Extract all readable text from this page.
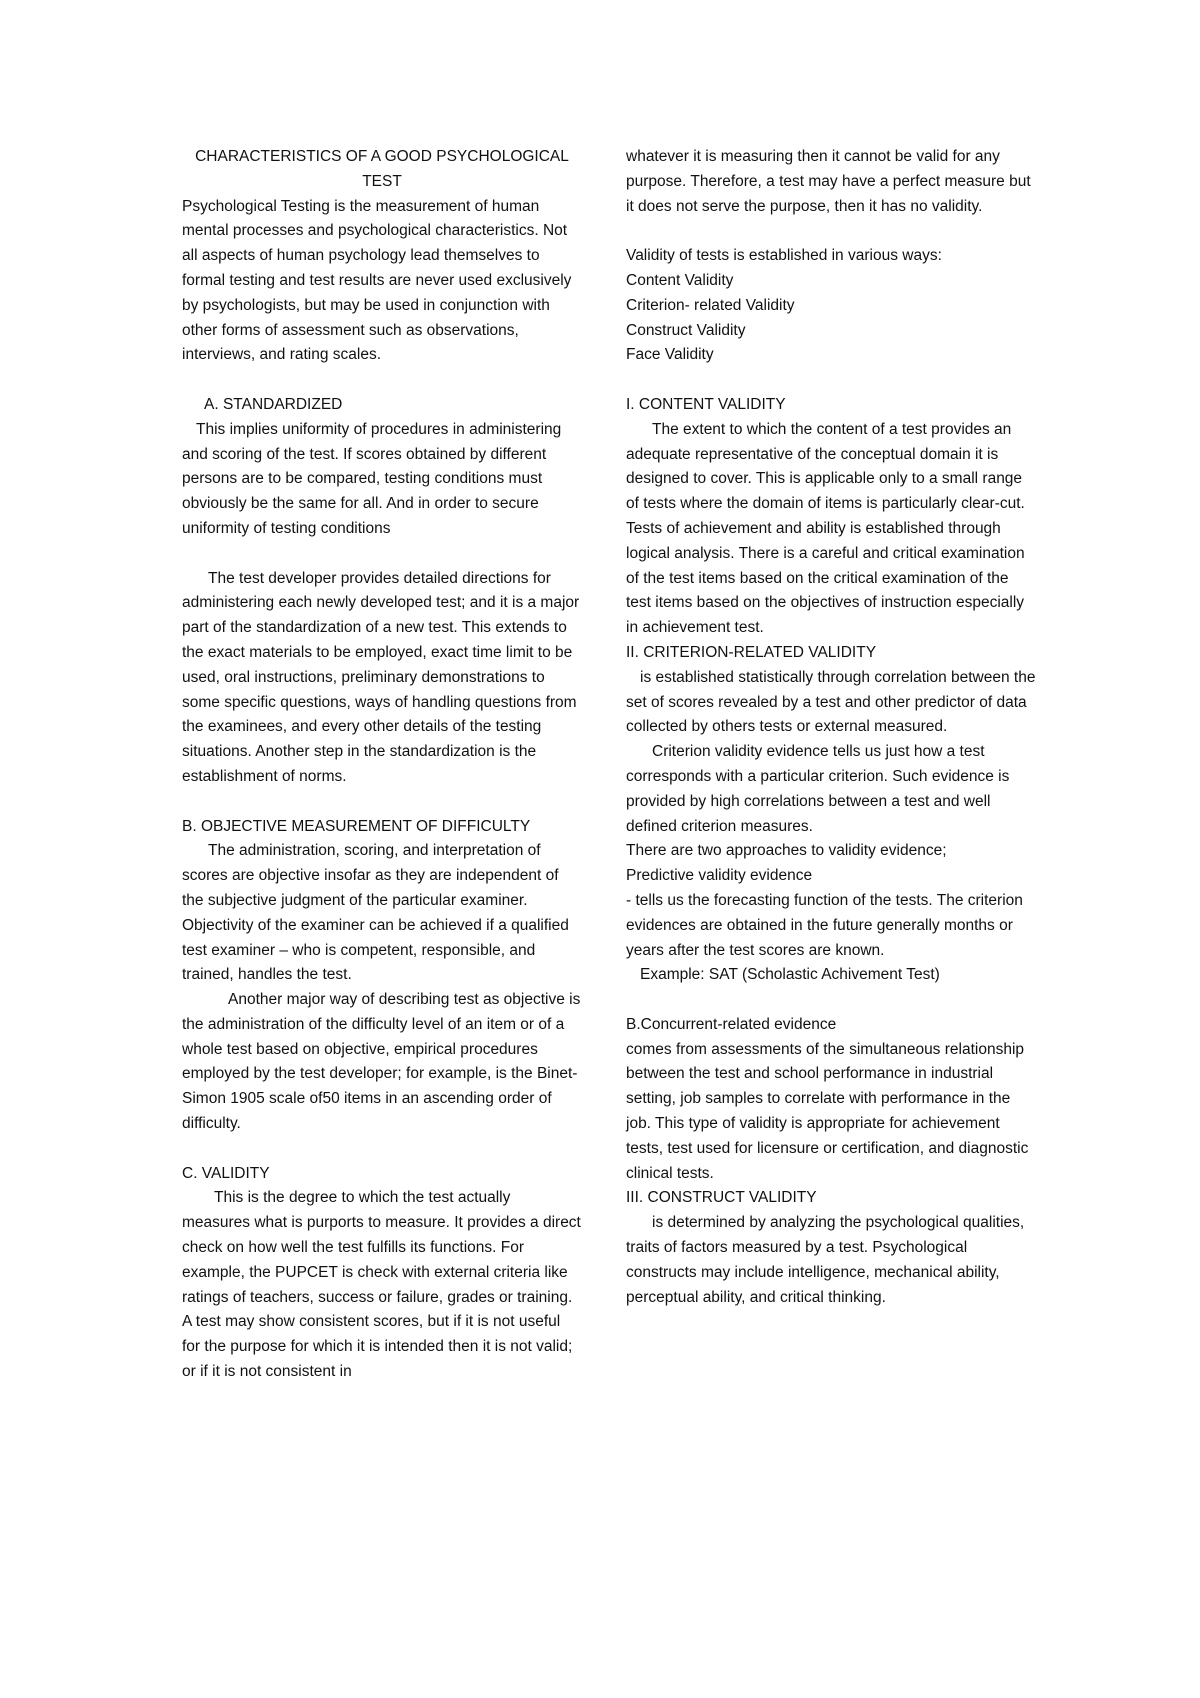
CHARACTERISTICS OF A GOOD PSYCHOLOGICAL TEST

Psychological Testing is the measurement of human mental processes and psychological characteristics. Not all aspects of human psychology lead themselves to formal testing and test results are never used exclusively by psychologists, but may be used in conjunction with other forms of assessment such as observations, interviews, and rating scales.

A. STANDARDIZED

This implies uniformity of procedures in administering and scoring of the test. If scores obtained by different persons are to be compared, testing conditions must obviously be the same for all. And in order to secure uniformity of testing conditions

The test developer provides detailed directions for administering each newly developed test; and it is a major part of the standardization of a new test. This extends to the exact materials to be employed, exact time limit to be used, oral instructions, preliminary demonstrations to some specific questions, ways of handling questions from the examinees, and every other details of the testing situations. Another step in the standardization is the establishment of norms.

B. OBJECTIVE MEASUREMENT OF DIFFICULTY

The administration, scoring, and interpretation of scores are objective insofar as they are independent of the subjective judgment of the particular examiner. Objectivity of the examiner can be achieved if a qualified test examiner – who is competent, responsible, and trained, handles the test.

Another major way of describing test as objective is the administration of the difficulty level of an item or of a whole test based on objective, empirical procedures employed by the test developer; for example, is the Binet-Simon 1905 scale of50 items in an ascending order of difficulty.

C. VALIDITY

This is the degree to which the test actually measures what is purports to measure. It provides a direct check on how well the test fulfills its functions. For example, the PUPCET is check with external criteria like ratings of teachers, success or failure, grades or training. A test may show consistent scores, but if it is not useful for the purpose for which it is intended then it is not valid; or if it is not consistent in

whatever it is measuring then it cannot be valid for any purpose. Therefore, a test may have a perfect measure but it does not serve the purpose, then it has no validity.

Validity of tests is established in various ways:

Content Validity

Criterion- related Validity

Construct Validity

Face Validity

I. CONTENT VALIDITY

The extent to which the content of a test provides an adequate representative of the conceptual domain it is designed to cover. This is applicable only to a small range of tests where the domain of items is particularly clear-cut. Tests of achievement and ability is established through logical analysis. There is a careful and critical examination of the test items based on the critical examination of the test items based on the objectives of instruction especially in achievement test.

II. CRITERION-RELATED VALIDITY

is established statistically through correlation between the set of scores revealed by a test and other predictor of data collected by others tests or external measured.

Criterion validity evidence tells us just how a test corresponds with a particular criterion. Such evidence is provided by high correlations between a test and well defined criterion measures.

There are two approaches to validity evidence;

Predictive validity evidence

- tells us the forecasting function of the tests. The criterion evidences are obtained in the future generally months or years after the test scores are known.

Example: SAT (Scholastic Achivement Test)

B.Concurrent-related evidence

comes from assessments of the simultaneous relationship between the test and school performance in industrial setting, job samples to correlate with performance in the job. This type of validity is appropriate for achievement tests, test used for licensure or certification, and diagnostic clinical tests.

III. CONSTRUCT VALIDITY

is determined by analyzing the psychological qualities, traits of factors measured by a test. Psychological constructs may include intelligence, mechanical ability, perceptual ability, and critical thinking.
